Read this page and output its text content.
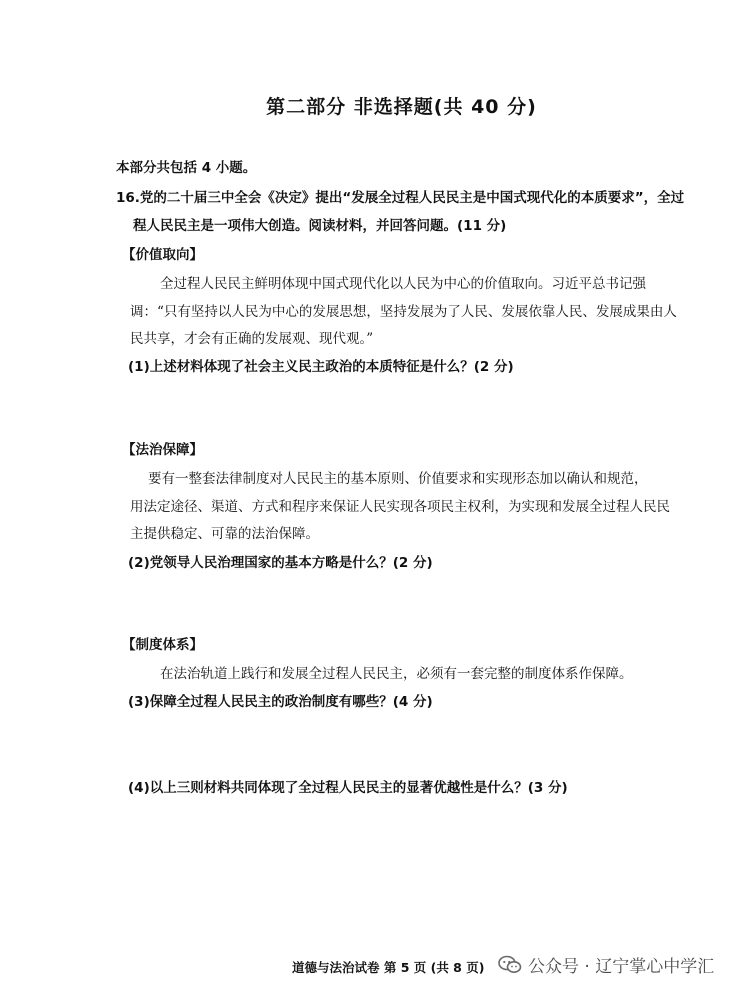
第二部分 非选择题(共 40 分)
本部分共包括 4 小题。
16.党的二十届三中全会《决定》提出“发展全过程人民民主是中国式现代化的本质要求”，全过
程人民民主是一项伟大创造。阅读材料，并回答问题。(11 分)
【价值取向】
全过程人民民主鲜明体现中国式现代化以人民为中心的价值取向。习近平总书记强
调：“只有坚持以人民为中心的发展思想，坚持发展为了人民、发展依靠人民、发展成果由人
民共享，才会有正确的发展观、现代观。”
(1)上述材料体现了社会主义民主政治的本质特征是什么？(2 分)
【法治保障】
要有一整套法律制度对人民民主的基本原则、价值要求和实现形态加以确认和规范，
用法定途径、渠道、方式和程序来保证人民实现各项民主权利，为实现和发展全过程人民民
主提供稳定、可靠的法治保障。
(2)党领导人民治理国家的基本方略是什么？(2 分)
【制度体系】
在法治轨道上践行和发展全过程人民民主，必须有一套完整的制度体系作保障。
(3)保障全过程人民民主的政治制度有哪些？(4 分)
(4)以上三则材料共同体现了全过程人民民主的显著优越性是什么？(3 分)
道德与法治试卷 第 5 页 (共 8 页)	公众号 · 辽宁掌心中学汇
